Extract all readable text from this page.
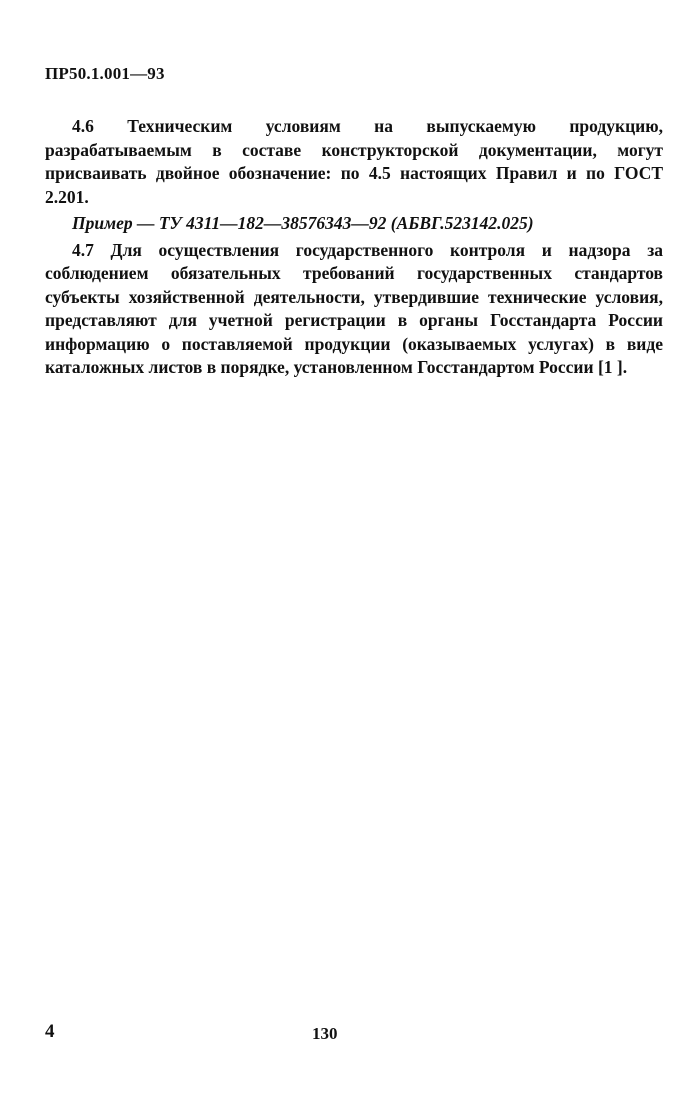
ПР50.1.001—93

4.6 Техническим условиям на выпускаемую продукцию, разрабатываемым в составе конструкторской документации, могут присваивать двойное обозначение: по 4.5 настоящих Правил и по ГОСТ 2.201.

Пример — ТУ 4311—182—38576343—92 (АБВГ.523142.025)

4.7 Для осуществления государственного контроля и надзора за соблюдением обязательных требований государственных стандартов субъекты хозяйственной деятельности, утвердившие технические условия, представляют для учетной регистрации в органы Госстандарта России информацию о поставляемой продукции (оказываемых услугах) в виде каталожных листов в порядке, установленном Госстандартом России [1 ].

4	130
